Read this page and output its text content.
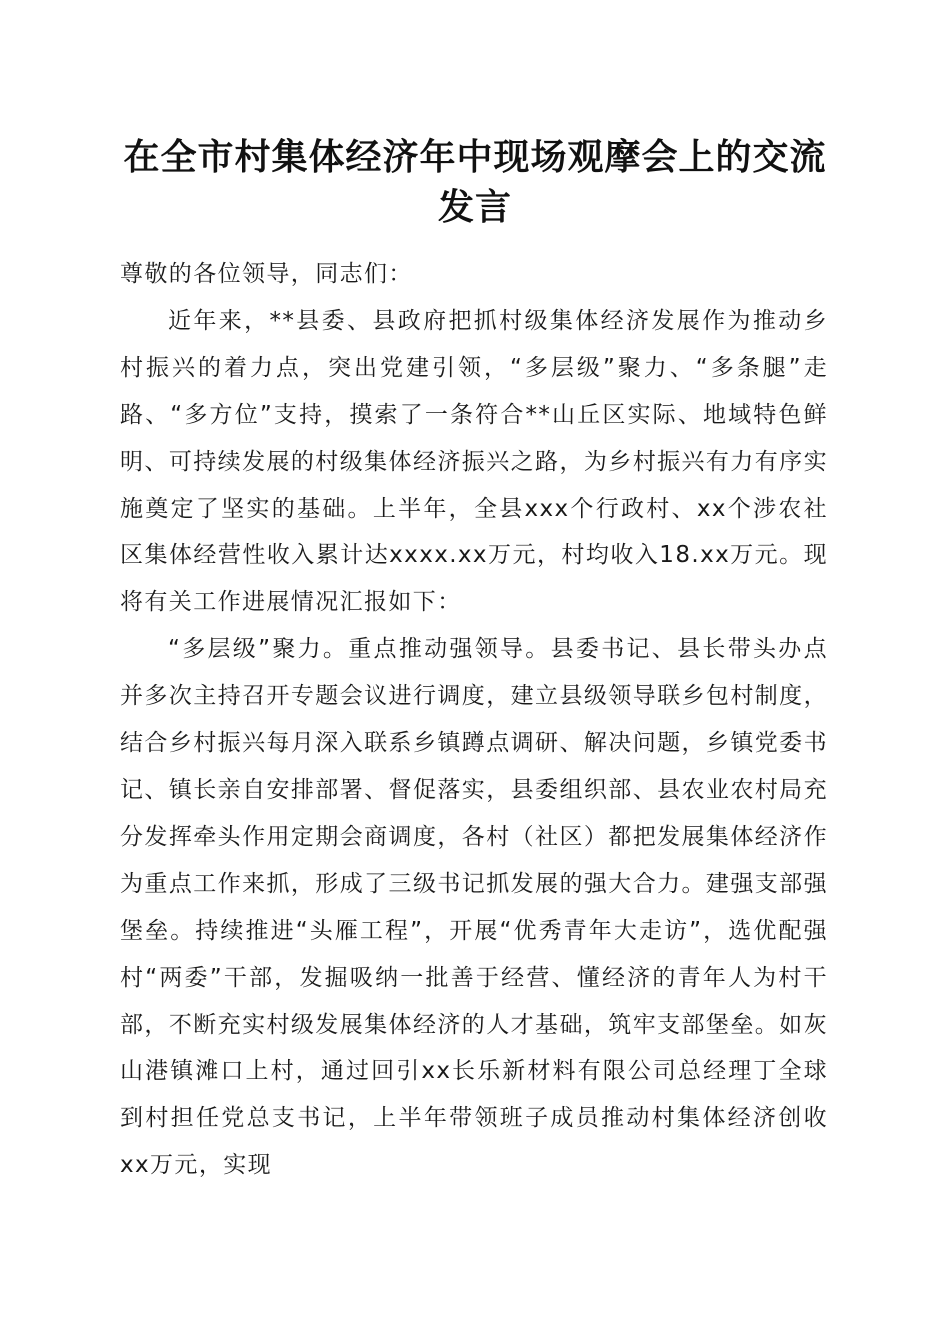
在全市村集体经济年中现场观摩会上的交流发言

尊敬的各位领导，同志们：

近年来，**县委、县政府把抓村级集体经济发展作为推动乡村振兴的着力点，突出党建引领，“多层级”聚力、“多条腿”走路、“多方位”支持，摸索了一条符合**山丘区实际、地域特色鲜明、可持续发展的村级集体经济振兴之路，为乡村振兴有力有序实施奠定了坚实的基础。上半年，全县xxx个行政村、xx个涉农社区集体经营性收入累计达xxxx.xx万元，村均收入18.xx万元。现将有关工作进展情况汇报如下：

“多层级”聚力。重点推动强领导。县委书记、县长带头办点并多次主持召开专题会议进行调度，建立县级领导联乡包村制度，结合乡村振兴每月深入联系乡镇蹲点调研、解决问题，乡镇党委书记、镇长亲自安排部署、督促落实，县委组织部、县农业农村局充分发挥牵头作用定期会商调度，各村（社区）都把发展集体经济作为重点工作来抓，形成了三级书记抓发展的强大合力。建强支部强堡垒。持续推进“头雁工程”，开展“优秀青年大走访”，选优配强村“两委”干部，发掘吸纳一批善于经营、懂经济的青年人为村干部，不断充实村级发展集体经济的人才基础，筑牢支部堡垒。如灰山港镇滩口上村，通过回引xx长乐新材料有限公司总经理丁全球到村担任党总支书记，上半年带领班子成员推动村集体经济创收xx万元，实现
